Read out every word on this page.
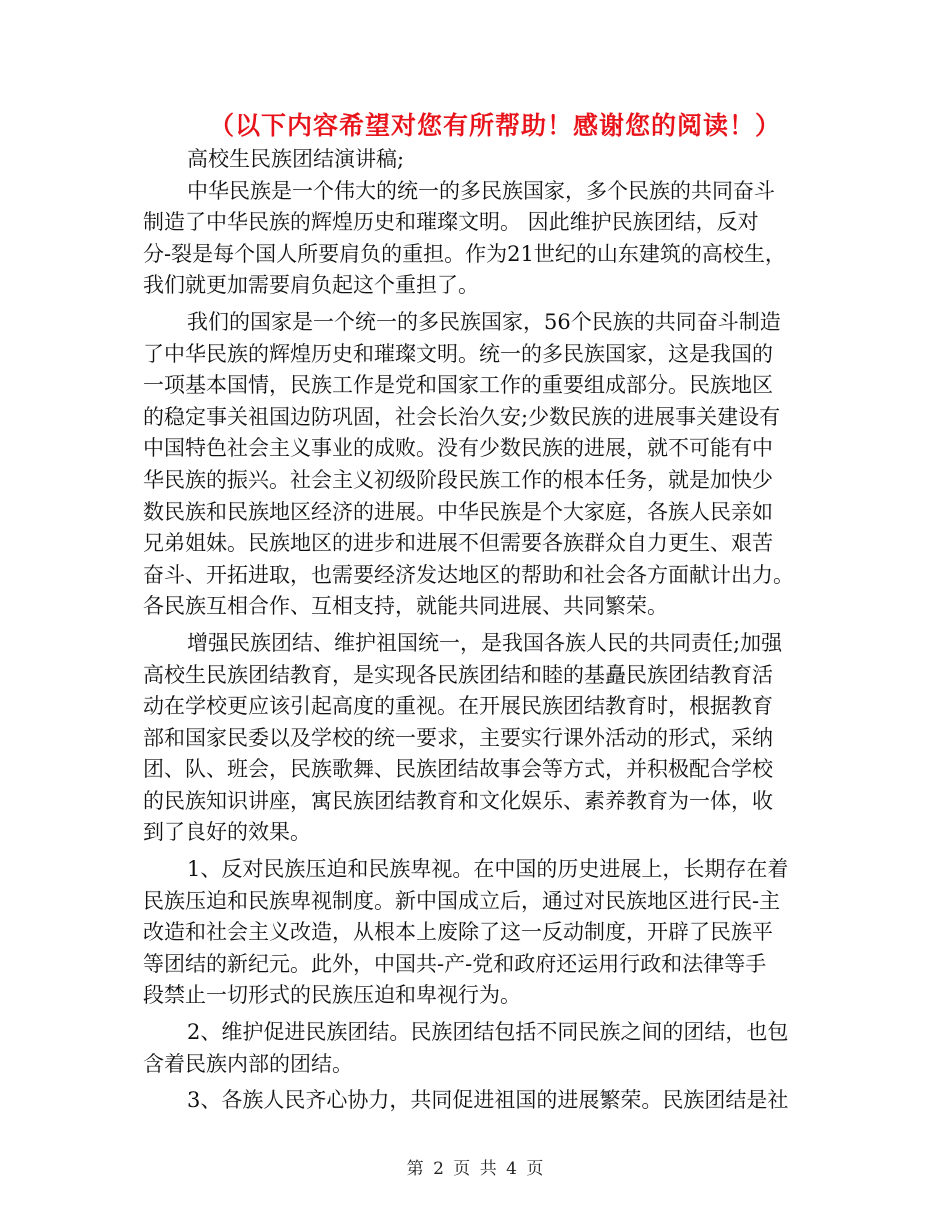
（以下内容希望对您有所帮助！感谢您的阅读！）
高校生民族团结演讲稿;
中华民族是一个伟大的统一的多民族国家，多个民族的共同奋斗
制造了中华民族的辉煌历史和璀璨文明。 因此维护民族团结，反对
分-裂是每个国人所要肩负的重担。作为21世纪的山东建筑的高校生，
我们就更加需要肩负起这个重担了。
我们的国家是一个统一的多民族国家，56个民族的共同奋斗制造
了中华民族的辉煌历史和璀璨文明。统一的多民族国家，这是我国的
一项基本国情，民族工作是党和国家工作的重要组成部分。民族地区
的稳定事关祖国边防巩固，社会长治久安;少数民族的进展事关建设有
中国特色社会主义事业的成败。没有少数民族的进展，就不可能有中
华民族的振兴。社会主义初级阶段民族工作的根本任务，就是加快少
数民族和民族地区经济的进展。中华民族是个大家庭，各族人民亲如
兄弟姐妹。民族地区的进步和进展不但需要各族群众自力更生、艰苦
奋斗、开拓进取，也需要经济发达地区的帮助和社会各方面献计出力。
各民族互相合作、互相支持，就能共同进展、共同繁荣。
增强民族团结、维护祖国统一，是我国各族人民的共同责任;加强
高校生民族团结教育，是实现各民族团结和睦的基矗民族团结教育活
动在学校更应该引起高度的重视。在开展民族团结教育时，根据教育
部和国家民委以及学校的统一要求，主要实行课外活动的形式，采纳
团、队、班会，民族歌舞、民族团结故事会等方式，并积极配合学校
的民族知识讲座，寓民族团结教育和文化娱乐、素养教育为一体，收
到了良好的效果。
1、反对民族压迫和民族卑视。在中国的历史进展上，长期存在着
民族压迫和民族卑视制度。新中国成立后，通过对民族地区进行民-主
改造和社会主义改造，从根本上废除了这一反动制度，开辟了民族平
等团结的新纪元。此外，中国共-产-党和政府还运用行政和法律等手
段禁止一切形式的民族压迫和卑视行为。
2、维护促进民族团结。民族团结包括不同民族之间的团结，也包
含着民族内部的团结。
3、各族人民齐心协力，共同促进祖国的进展繁荣。民族团结是社
第 2 页 共 4 页
